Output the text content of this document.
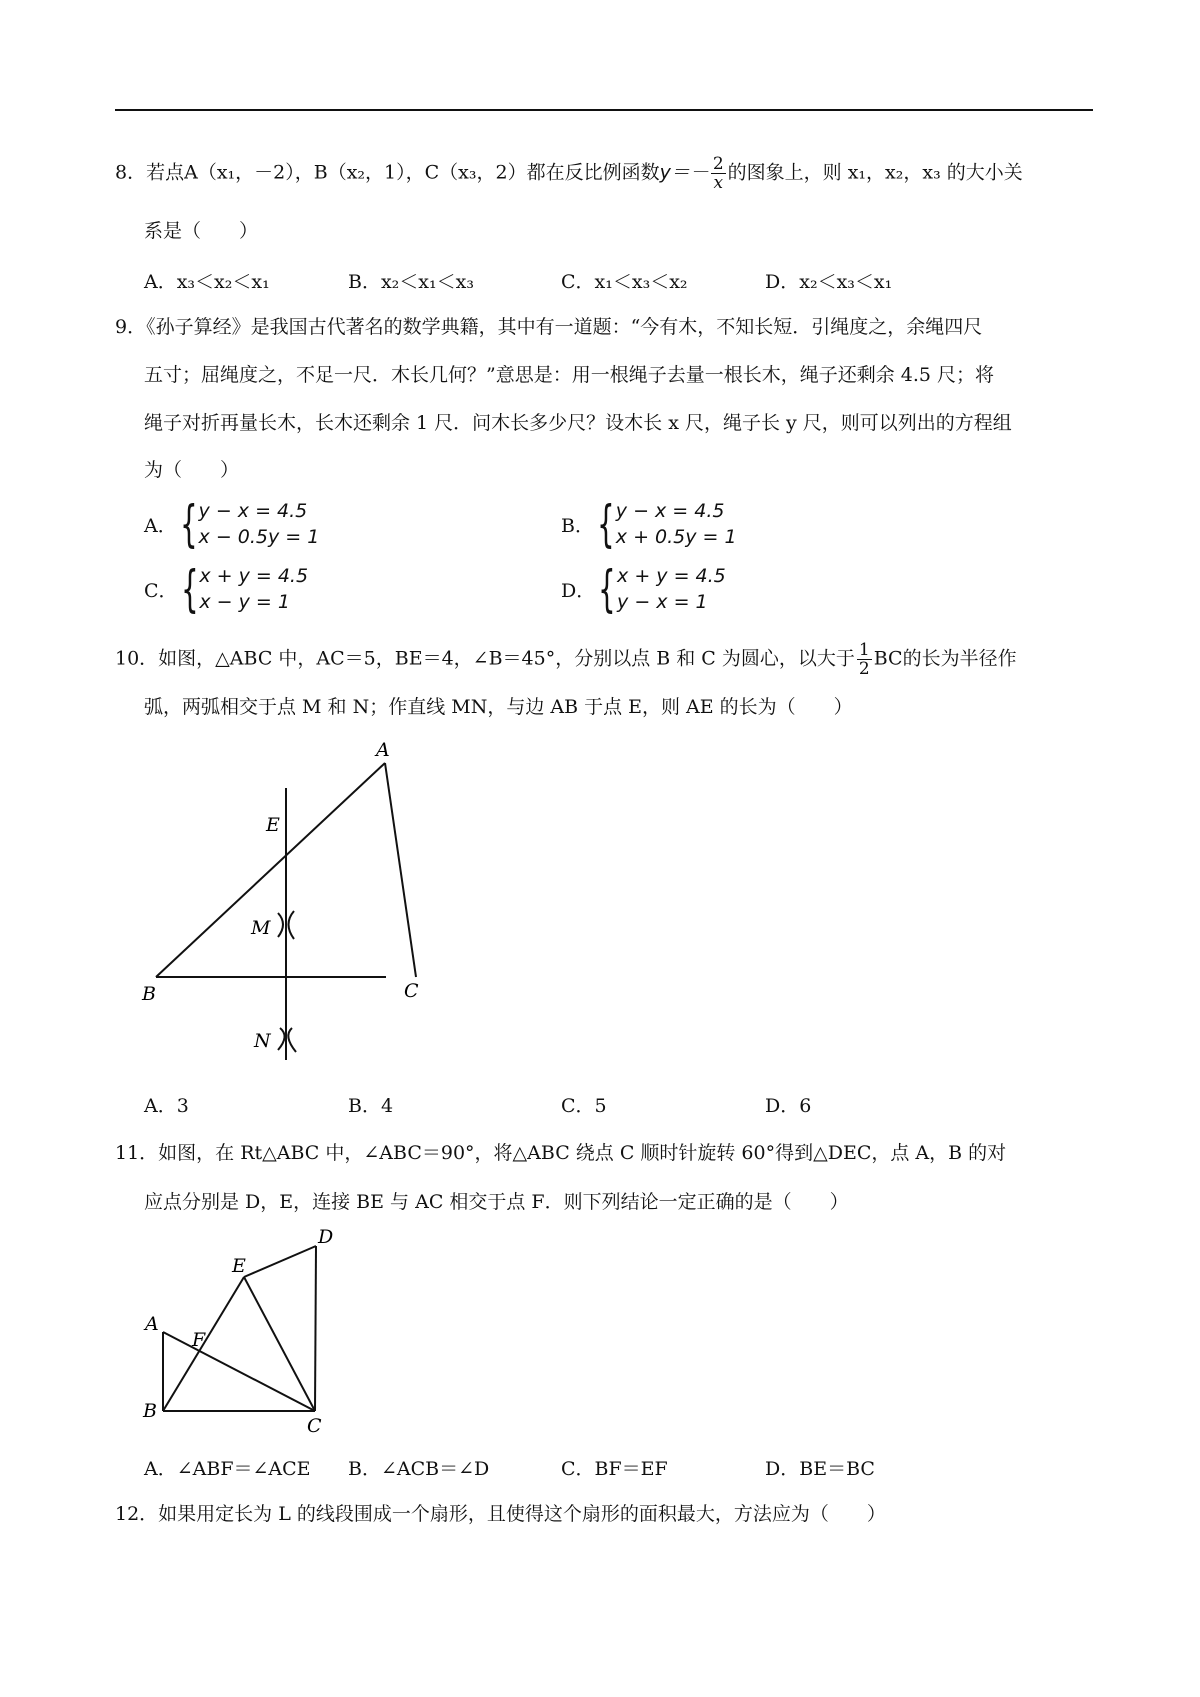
8．若点A（x₁，－2），B（x₂，1），C（x₃，2）都在反比例函数$y=- \frac{2}{x}$ 的图象上，则 x₁，x₂，x₃ 的大小关
系是（　　）
A．x₃＜x₂＜x₁	B．x₂＜x₁＜x₃	C．x₁＜x₃＜x₂	D．x₂＜x₃＜x₁
9．《孙子算经》是我国古代著名的数学典籍，其中有一道题：“今有木，不知长短．引绳度之，余绳四尺
五寸；屈绳度之，不足一尺．木长几何？”意思是：用一根绳子去量一根长木，绳子还剩余 4.5 尺；将
绳子对折再量长木，长木还剩余 1 尺．问木长多少尺？设木长 x 尺，绳子长 y 尺，则可以列出的方程组
为（　　）
A． { y − x = 4.5
x − 0.5y = 1
B． { y − x = 4.5
x + 0.5y = 1
C． { x + y = 4.5
x − y = 1
D． { x + y = 4.5
y − x = 1
10．如图，△ABC 中，AC＝5，BE＝4，∠B＝45°，分别以点 B 和 C 为圆心，以大于 $\frac{1}{2}$ BC的长为半径作
弧，两弧相交于点 M 和 N；作直线 MN，与边 AB 于点 E，则 AE 的长为（　　）
A
E
M
B	C
N
A．3	B．4	C．5	D．6
11．如图，在 Rt△ABC 中，∠ABC＝90°，将△ABC 绕点 C 顺时针旋转 60°得到△DEC，点 A，B 的对
应点分别是 D，E，连接 BE 与 AC 相交于点 F．则下列结论一定正确的是（　　）
D
E
A
F
B
C
A．∠ABF＝∠ACE B．∠ACB＝∠D	C．BF＝EF	D．BE＝BC
12．如果用定长为 L 的线段围成一个扇形，且使得这个扇形的面积最大，方法应为（　　）
